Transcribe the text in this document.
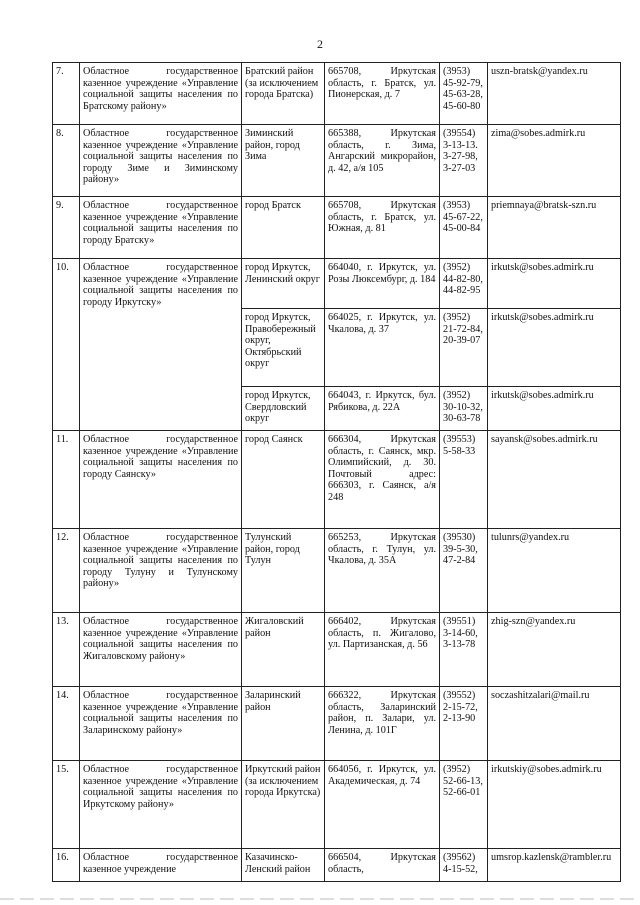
2
7.	Областное государственное казенное учреждение «Управление социальной защиты населения по Братскому району»	Братский район (за исключением города Братска)	665708, Иркутская область, г. Братск, ул. Пионерская, д. 7	(3953)
45-92-79,
45-63-28,
45-60-80	uszn-bratsk@yandex.ru
8.	Областное государственное казенное учреждение «Управление социальной защиты населения по городу Зиме и Зиминскому району»	Зиминский район, город Зима	665388, Иркутская область, г. Зима, Ангарский микрорайон, д. 42, а/я 105	(39554)
3-13-13.
3-27-98,
3-27-03	zima@sobes.admirk.ru
9.	Областное государственное казенное учреждение «Управление социальной защиты населения по городу Братску»	город Братск	665708, Иркутская область, г. Братск, ул. Южная, д. 81	(3953)
45-67-22,
45-00-84	priemnaya@bratsk-szn.ru
10.	Областное государственное казенное учреждение «Управление социальной защиты населения по городу Иркутску»	город Иркутск, Ленинский округ	664040, г. Иркутск, ул. Розы Люксембург, д. 184	(3952)
44-82-80,
44-82-95	irkutsk@sobes.admirk.ru
		город Иркутск, Правобережный округ, Октябрьский округ	664025, г. Иркутск, ул. Чкалова, д. 37	(3952)
21-72-84,
20-39-07	irkutsk@sobes.admirk.ru
		город Иркутск, Свердловский округ	664043, г. Иркутск, бул. Рябикова, д. 22А	(3952)
30-10-32,
30-63-78	irkutsk@sobes.admirk.ru
11.	Областное государственное казенное учреждение «Управление социальной защиты населения по городу Саянску»	город Саянск	666304, Иркутская область, г. Саянск, мкр. Олимпийский, д. 30. Почтовый адрес: 666303, г. Саянск, а/я 248	(39553)
5-58-33	sayansk@sobes.admirk.ru
12.	Областное государственное казенное учреждение «Управление социальной защиты населения по городу Тулуну и Тулунскому району»	Тулунский район, город Тулун	665253, Иркутская область, г. Тулун, ул. Чкалова, д. 35А	(39530)
39-5-30,
47-2-84	tulunrs@yandex.ru
13.	Областное государственное казенное учреждение «Управление социальной защиты населения по Жигаловскому району»	Жигаловский район	666402, Иркутская область, п. Жигалово, ул. Партизанская, д. 56	(39551)
3-14-60,
3-13-78	zhig-szn@yandex.ru
14.	Областное государственное казенное учреждение «Управление социальной защиты населения по Заларинскому району»	Заларинский район	666322, Иркутская область, Заларинский район, п. Залари, ул. Ленина, д. 101Г	(39552)
2-15-72,
2-13-90	soczashitzalari@mail.ru
15.	Областное государственное казенное учреждение «Управление социальной защиты населения по Иркутскому району»	Иркутский район (за исключением города Иркутска)	664056, г. Иркутск, ул. Академическая, д. 74	(3952)
52-66-13,
52-66-01	irkutskiy@sobes.admirk.ru
16.	Областное государственное казенное учреждение	Казачинско-Ленский район	666504, Иркутская область,	(39562)
4-15-52,	umsrop.kazlensk@rambler.ru
